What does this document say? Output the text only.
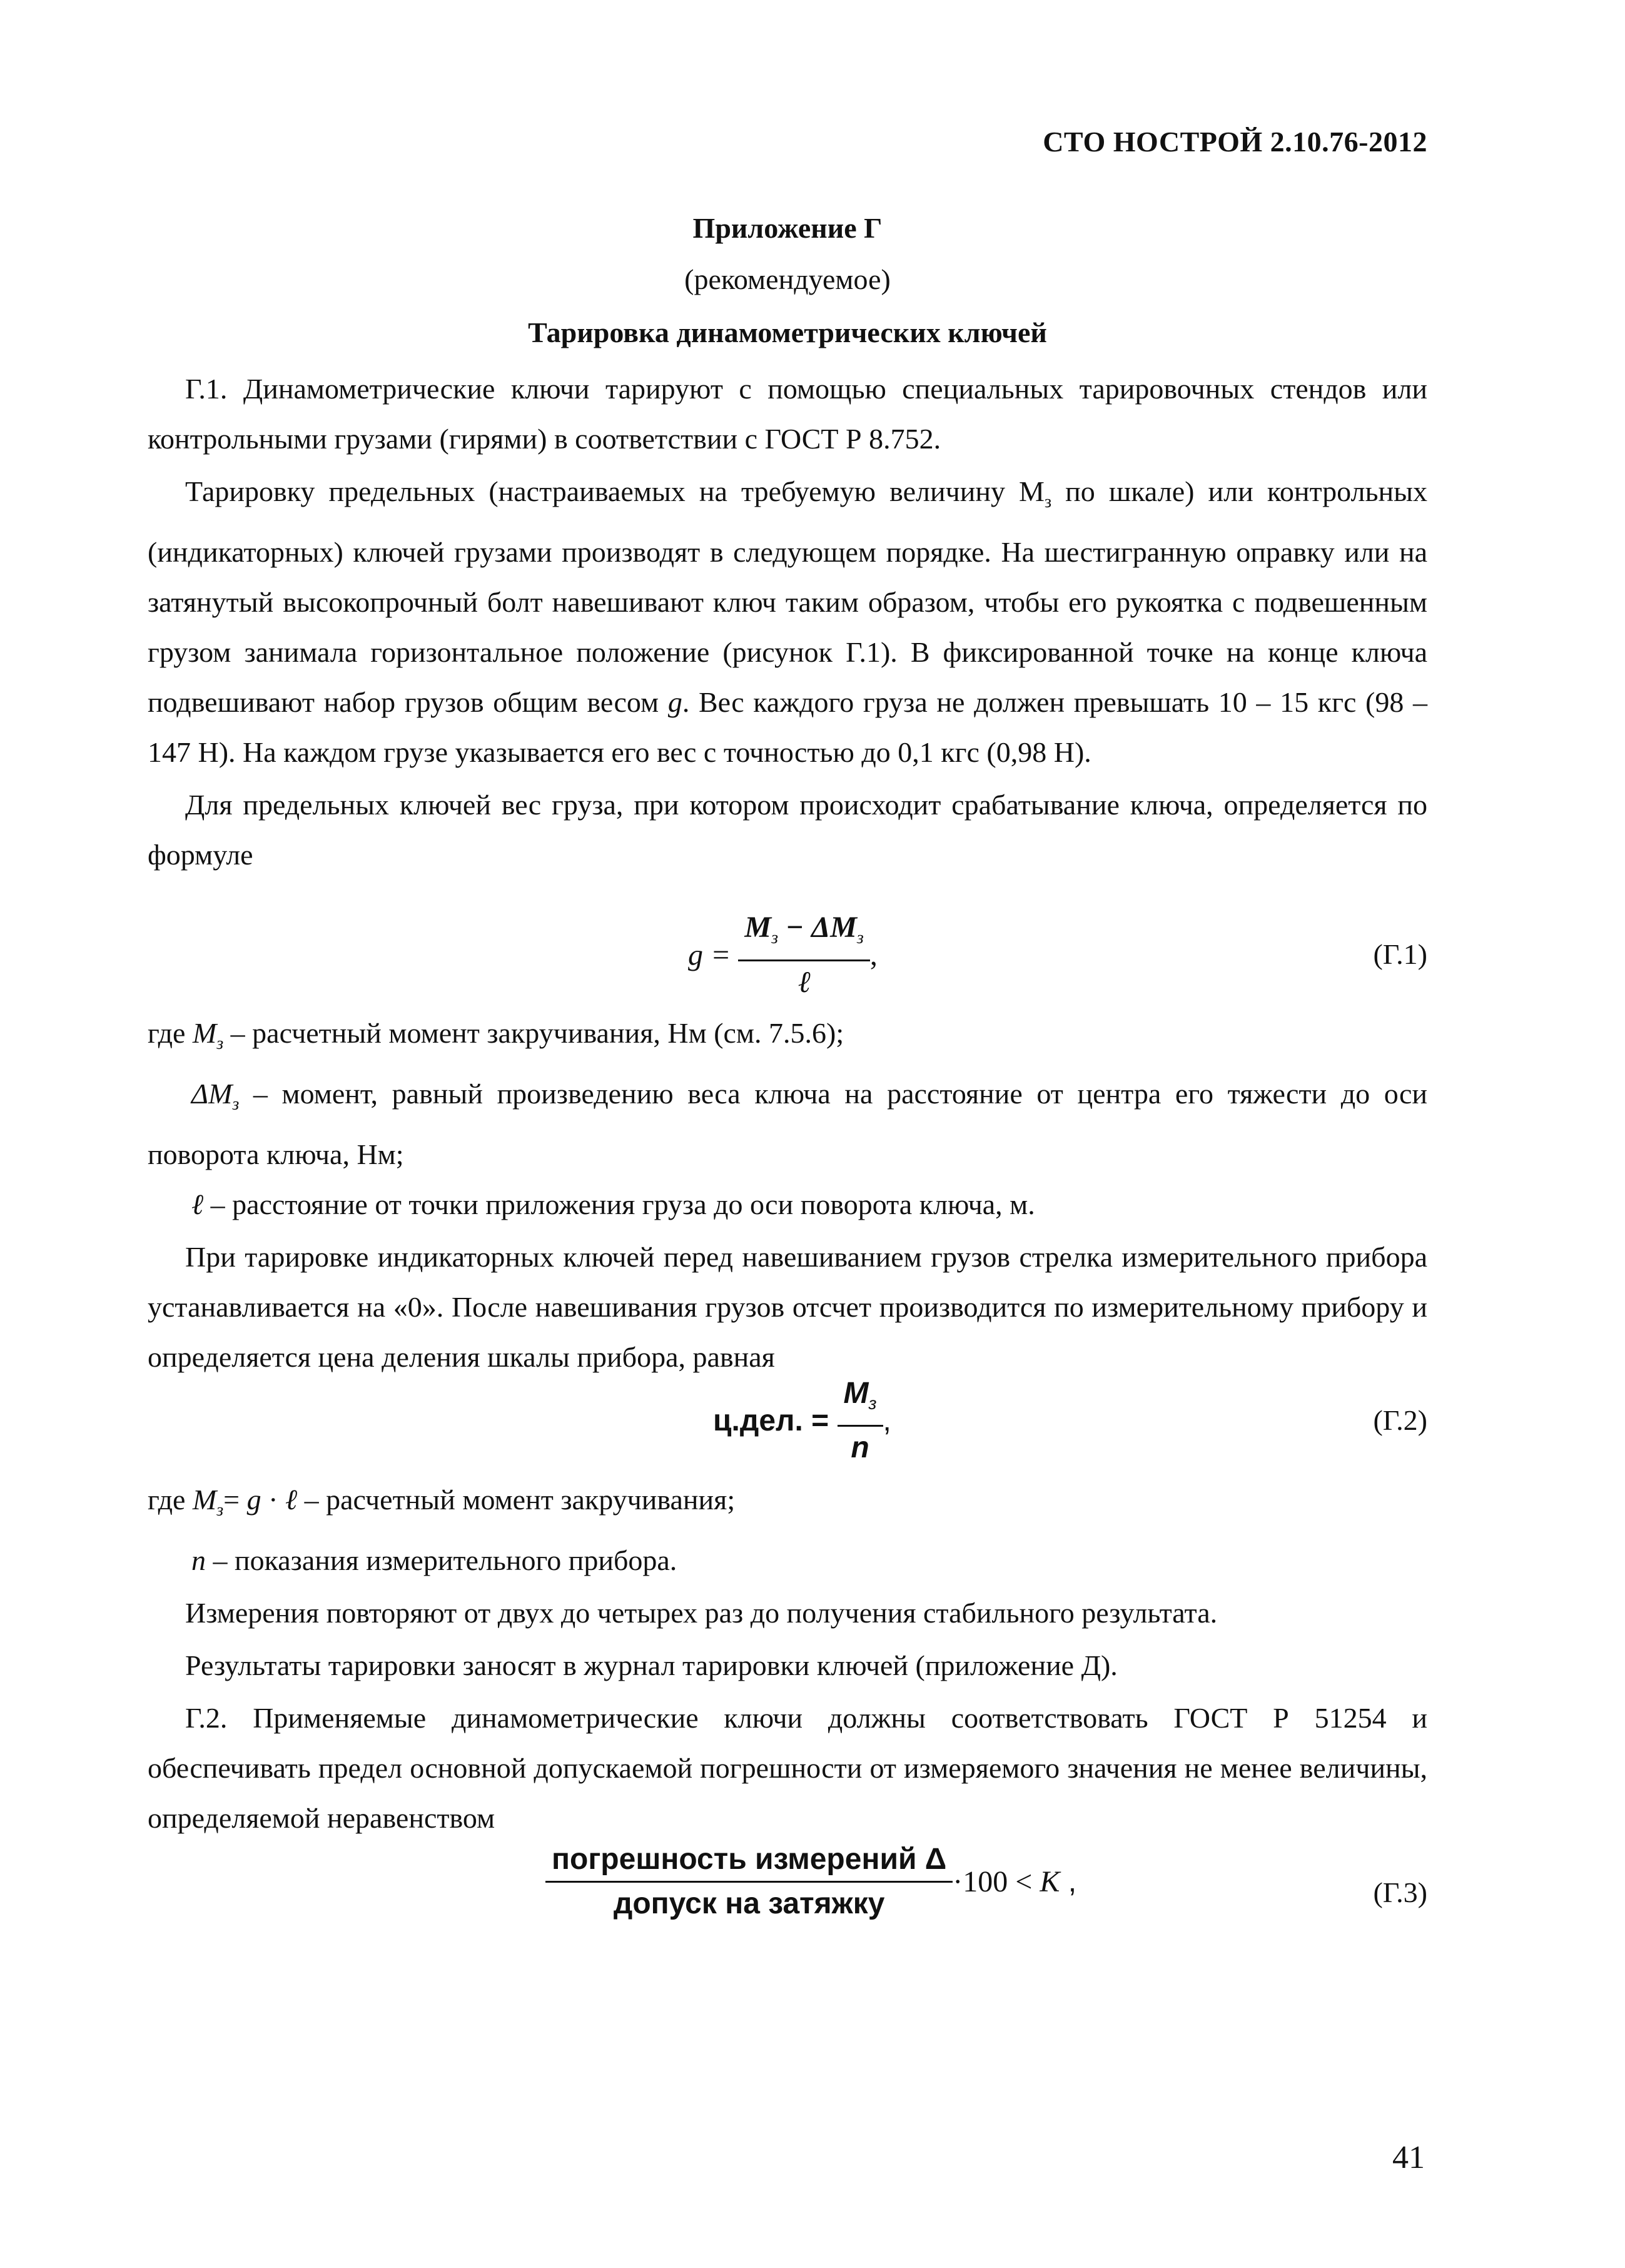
СТО НОСТРОЙ 2.10.76-2012
Приложение Г
(рекомендуемое)
Тарировка динамометрических ключей

Г.1. Динамометрические ключи тарируют с помощью специальных тарировочных стендов или контрольными грузами (гирями) в соответствии с ГОСТ Р 8.752.

Тарировку предельных (настраиваемых на требуемую величину $М_з$ по шкале) или контрольных (индикаторных) ключей грузами производят в следующем порядке. На шестигранную оправку или на затянутый высокопрочный болт навешивают ключ таким образом, чтобы его рукоятка с подвешенным грузом занимала горизонтальное положение (рисунок Г.1). В фиксированной точке на конце ключа подвешивают набор грузов общим весом g. Вес каждого груза не должен превышать 10 – 15 кгс (98 – 147 Н). На каждом грузе указывается его вес с точностью до 0,1 кгс (0,98 Н).

Для предельных ключей вес груза, при котором происходит срабатывание ключа, определяется по формуле

$g = \frac{M_з - \Delta M_з}{\text{ℓ}}$ ,	(Г.1)

где $М_з$ – расчетный момент закручивания, Нм (см. 7.5.6);

$\Delta М_з$ – момент, равный произведению веса ключа на расстояние от центра его тяжести до оси поворота ключа, Нм;

ℓ – расстояние от точки приложения груза до оси поворота ключа, м.

При тарировке индикаторных ключей перед навешиванием грузов стрелка измерительного прибора устанавливается на «0». После навешивания грузов отсчет производится по измерительному прибору и определяется цена деления шкалы прибора, равная

ц.дел. = $\frac{M_з}{n}$ ,	(Г.2)

где $М_з= g$ · ℓ – расчетный момент закручивания;

n – показания измерительного прибора.

Измерения повторяют от двух до четырех раз до получения стабильного результата.

Результаты тарировки заносят в журнал тарировки ключей (приложение Д).

Г.2. Применяемые динамометрические ключи должны соответствовать ГОСТ Р 51254 и обеспечивать предел основной допускаемой погрешности от измеряемого значения не менее величины, определяемой неравенством

$\frac{\text{погрешность измерений Δ}}{\text{допуск на затяжку}} \cdot 100 < K$ ,	(Г.3)
41
